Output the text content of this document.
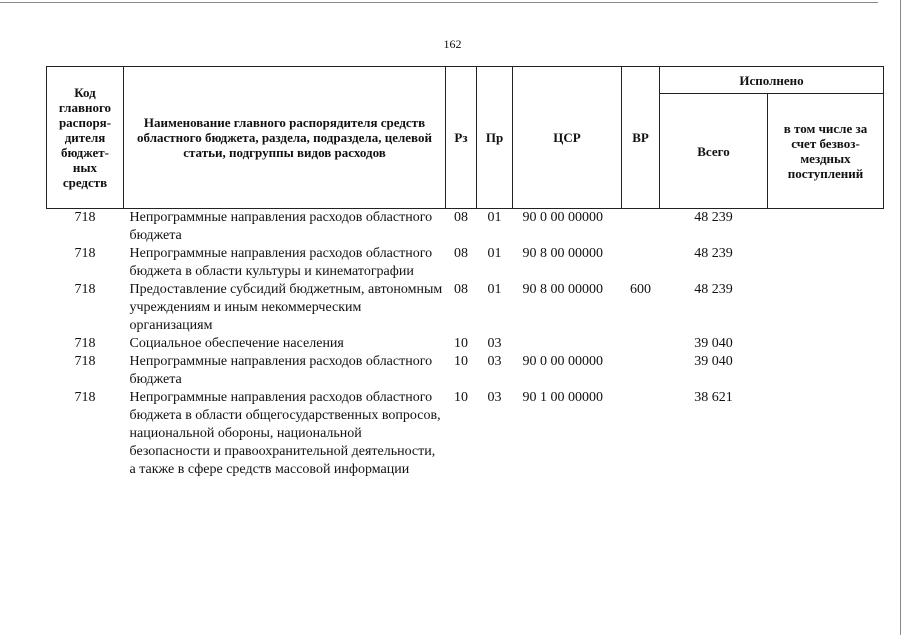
162
Код главного распоря-дителя бюджет-ных средств	Наименование главного распорядителя средств областного бюджета, раздела, подраздела, целевой статьи, подгруппы видов расходов	Рз	Пр	ЦСР	ВР	Исполнено	
						Всего	в том числе за счет безвоз-мездных поступлений
718	Непрограммные направления расходов областного бюджета	08	01	90 0 00 00000		48 239	
718	Непрограммные направления расходов областного бюджета в области культуры и кинематографии	08	01	90 8 00 00000		48 239	
718	Предоставление субсидий бюджетным, автономным учреждениям и иным некоммерческим организациям	08	01	90 8 00 00000	600	48 239	
718	Социальное обеспечение населения	10	03			39 040	
718	Непрограммные направления расходов областного бюджета	10	03	90 0 00 00000		39 040	
718	Непрограммные направления расходов областного бюджета в области общегосударственных вопросов, национальной обороны, национальной безопасности и правоохранительной деятельности, а также в сфере средств массовой информации	10	03	90 1 00 00000		38 621	
